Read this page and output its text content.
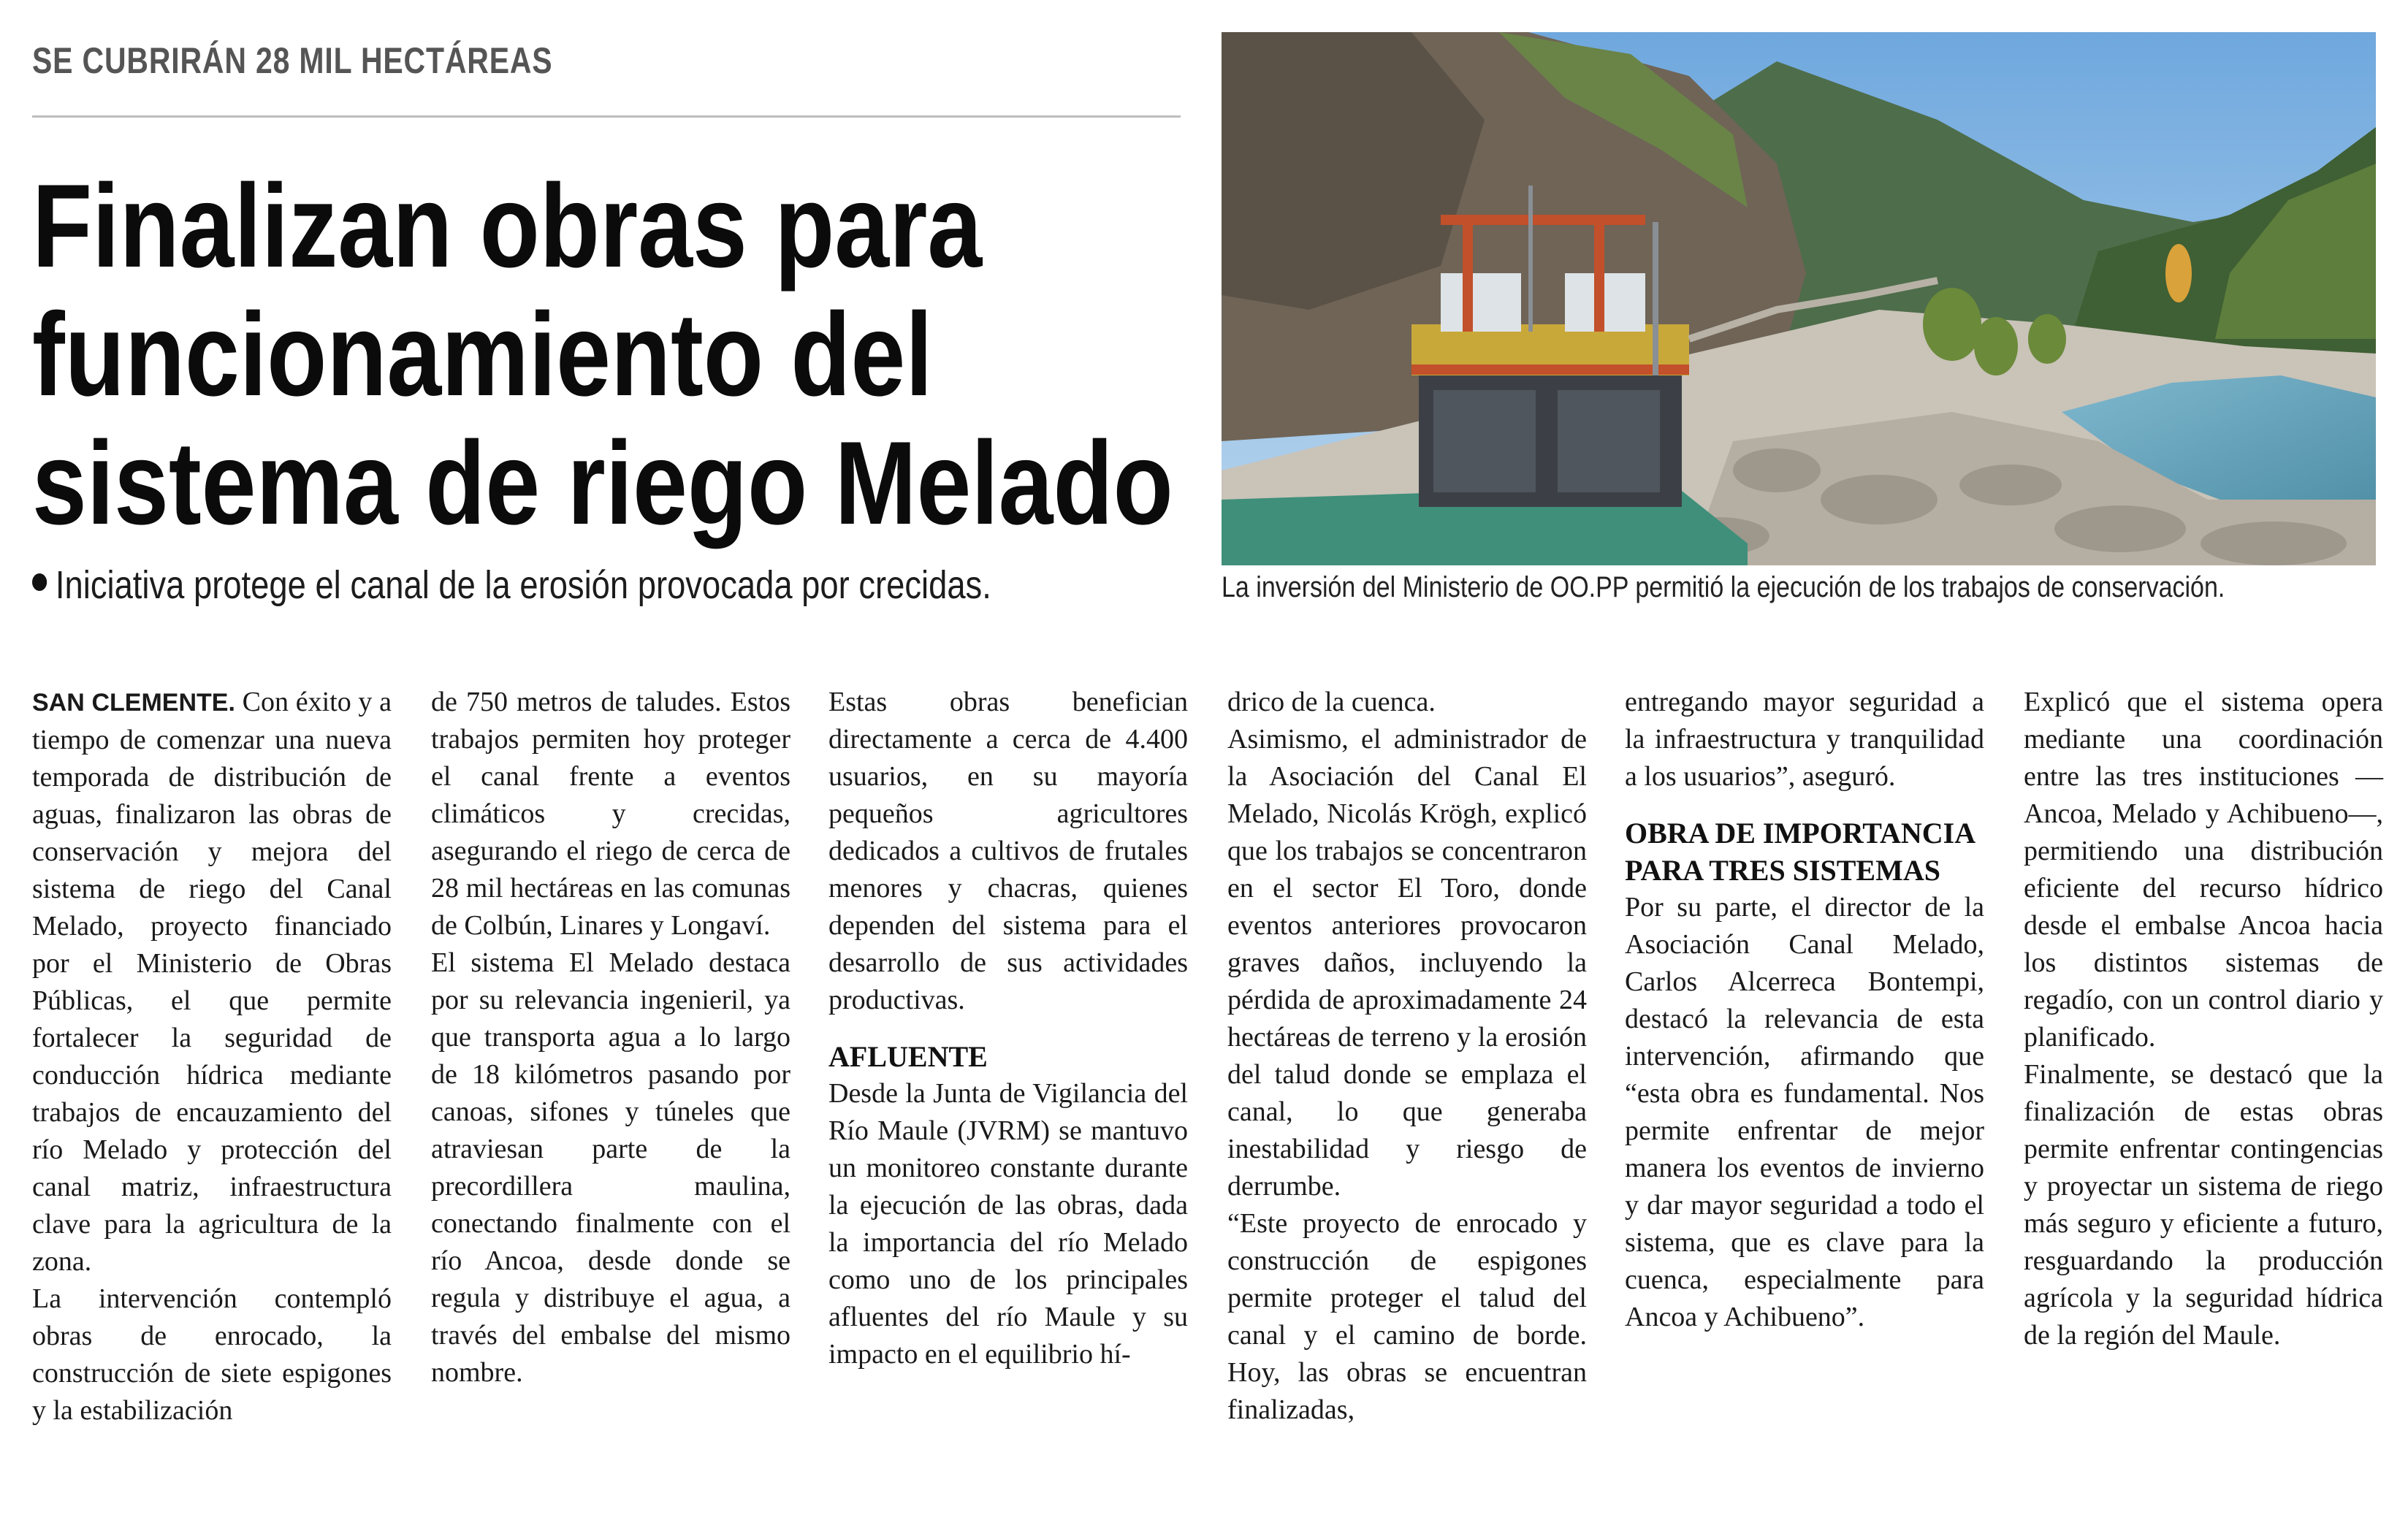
SE CUBRIRÁN 28 MIL HECTÁREAS
Finalizan obras para
funcionamiento del
sistema de riego Melado
Iniciativa protege el canal de la erosión provocada por crecidas.	La inversión del Ministerio de OO.PP permitió la ejecución de los trabajos de conservación.

SAN CLEMENTE. Con éxito y a tiempo de comenzar una nueva temporada de distribución de aguas, finalizaron las obras de conservación y mejora del sistema de riego del Canal Melado, proyecto financiado por el Ministerio de Obras Públicas, el que permite fortalecer la seguridad de conducción hídrica mediante trabajos de encauzamiento del río Melado y protección del canal matriz, infraestructura clave para la agricultura de la zona.

La intervención contempló obras de enrocado, la construcción de siete espigones y la estabilización

de 750 metros de taludes. Estos trabajos permiten hoy proteger el canal frente a eventos climáticos y crecidas, asegurando el riego de cerca de 28 mil hectáreas en las comunas de Colbún, Linares y Longaví.

El sistema El Melado destaca por su relevancia ingenieril, ya que transporta agua a lo largo de 18 kilómetros pasando por canoas, sifones y túneles que atraviesan parte de la precordillera maulina, conectando finalmente con el río Ancoa, desde donde se regula y distribuye el agua, a través del embalse del mismo nombre.

Estas obras benefician directamente a cerca de 4.400 usuarios, en su mayoría pequeños agricultores dedicados a cultivos de frutales menores y chacras, quienes dependen del sistema para el desarrollo de sus actividades productivas.

AFLUENTE

Desde la Junta de Vigilancia del Río Maule (JVRM) se mantuvo un monitoreo constante durante la ejecución de las obras, dada la importancia del río Melado como uno de los principales afluentes del río Maule y su impacto en el equilibrio hí-

drico de la cuenca.

Asimismo, el administrador de la Asociación del Canal El Melado, Nicolás Krögh, explicó que los trabajos se concentraron en el sector El Toro, donde eventos anteriores provocaron graves daños, incluyendo la pérdida de aproximadamente 24 hectáreas de terreno y la erosión del talud donde se emplaza el canal, lo que generaba inestabilidad y riesgo de derrumbe.

“Este proyecto de enrocado y construcción de espigones permite proteger el talud del canal y el camino de borde. Hoy, las obras se encuentran finalizadas,

entregando mayor seguridad a la infraestructura y tranquilidad a los usuarios”, aseguró.

OBRA DE IMPORTANCIA PARA TRES SISTEMAS

Por su parte, el director de la Asociación Canal Melado, Carlos Alcerreca Bontempi, destacó la relevancia de esta intervención, afirmando que “esta obra es fundamental. Nos permite enfrentar de mejor manera los eventos de invierno y dar mayor seguridad a todo el sistema, que es clave para la cuenca, especialmente para Ancoa y Achibueno”.

Explicó que el sistema opera mediante una coordinación entre las tres instituciones —Ancoa, Melado y Achibueno—, permitiendo una distribución eficiente del recurso hídrico desde el embalse Ancoa hacia los distintos sistemas de regadío, con un control diario y planificado.

Finalmente, se destacó que la finalización de estas obras permite enfrentar contingencias y proyectar un sistema de riego más seguro y eficiente a futuro, resguardando la producción agrícola y la seguridad hídrica de la región del Maule.
